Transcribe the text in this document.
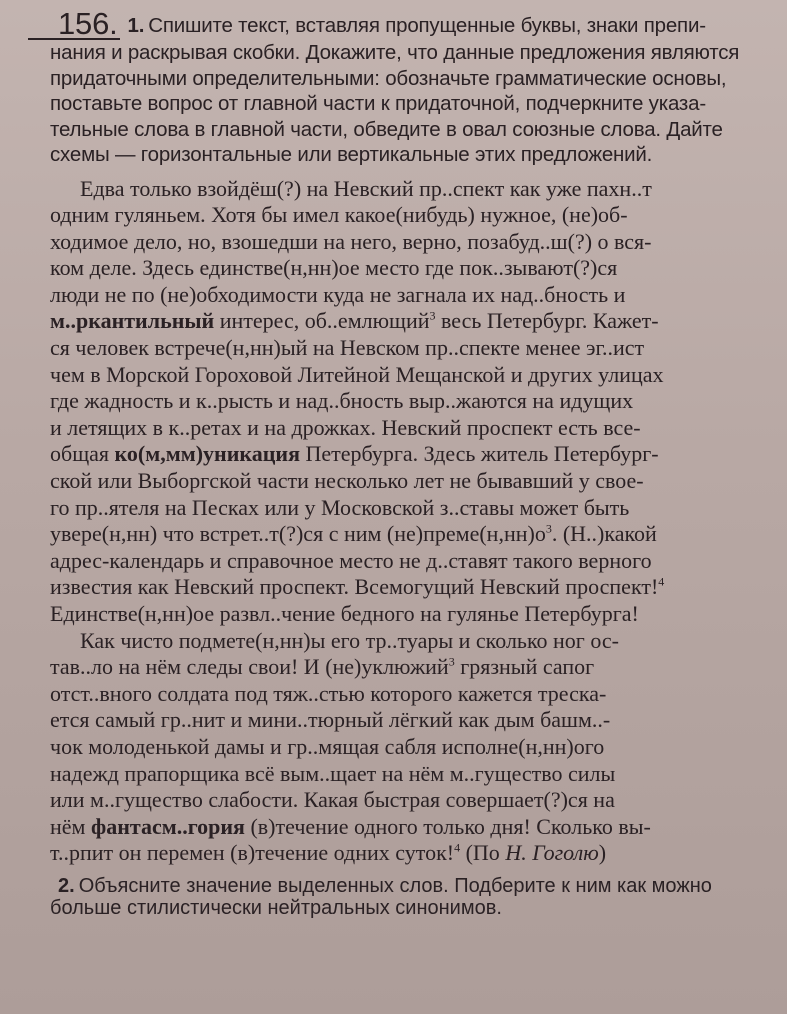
156. 1. Спишите текст, вставляя пропущенные буквы, знаки препи-
нания и раскрывая скобки. Докажите, что данные предложения являются
придаточными определительными: обозначьте грамматические основы,
поставьте вопрос от главной части к придаточной, подчеркните указа-
тельные слова в главной части, обведите в овал союзные слова. Дайте
схемы — горизонтальные или вертикальные этих предложений.
Едва только взойдёш(?) на Невский пр..спект как уже пахн..т
одним гуляньем. Хотя бы имел какое(нибудь) нужное, (не)об-
ходимое дело, но, взошедши на него, верно, позабуд..ш(?) о вся-
ком деле. Здесь единстве(н,нн)ое место где пок..зывают(?)ся
люди не по (не)обходимости куда не загнала их над..бность и
м..ркантильный интерес, об..емлющий$^3$ весь Петербург. Кажет-
ся человек встрече(н,нн)ый на Невском пр..спекте менее эг..ист
чем в Морской Гороховой Литейной Мещанской и других улицах
где жадность и к..рысть и над..бность выр..жаются на идущих
и летящих в к..ретах и на дрожках. Невский проспект есть все-
общая ко(м,мм)уникация Петербурга. Здесь житель Петербург-
ской или Выборгской части несколько лет не бывавший у свое-
го пр..ятеля на Песках или у Московской з..ставы может быть
увере(н,нн) что встрет..т(?)ся с ним $(не)преме(н,нн)о^3$. (Н..)какой
адрес-календарь и справочное место не д..ставят такого верного
известия как Невский проспект. Всемогущий Невский проспект!$^4$
Единстве(н,нн)ое развл..чение бедного на гулянье Петербурга!
Как чисто подмете(н,нн)ы его тр..туары и сколько ног ос-
тав..ло на нём следы свои! И (не)уклюжий$^3$ грязный сапог
отст..вного солдата под тяж..стью которого кажется треска-
ется самый гр..нит и мини..тюрный лёгкий как дым башм..-
чок молоденькой дамы и гр..мящая сабля исполне(н,нн)ого
надежд прапорщика всё вым..щает на нём м..гущество силы
или м..гущество слабости. Какая быстрая совершает(?)ся на
нём фантасм..гория (в)течение одного только дня! Сколько вы-
т..рпит он перемен (в)течение одних суток!$^4$ (По Н. Гоголю)
2. Объясните значение выделенных слов. Подберите к ним как можно
больше стилистически нейтральных синонимов.
